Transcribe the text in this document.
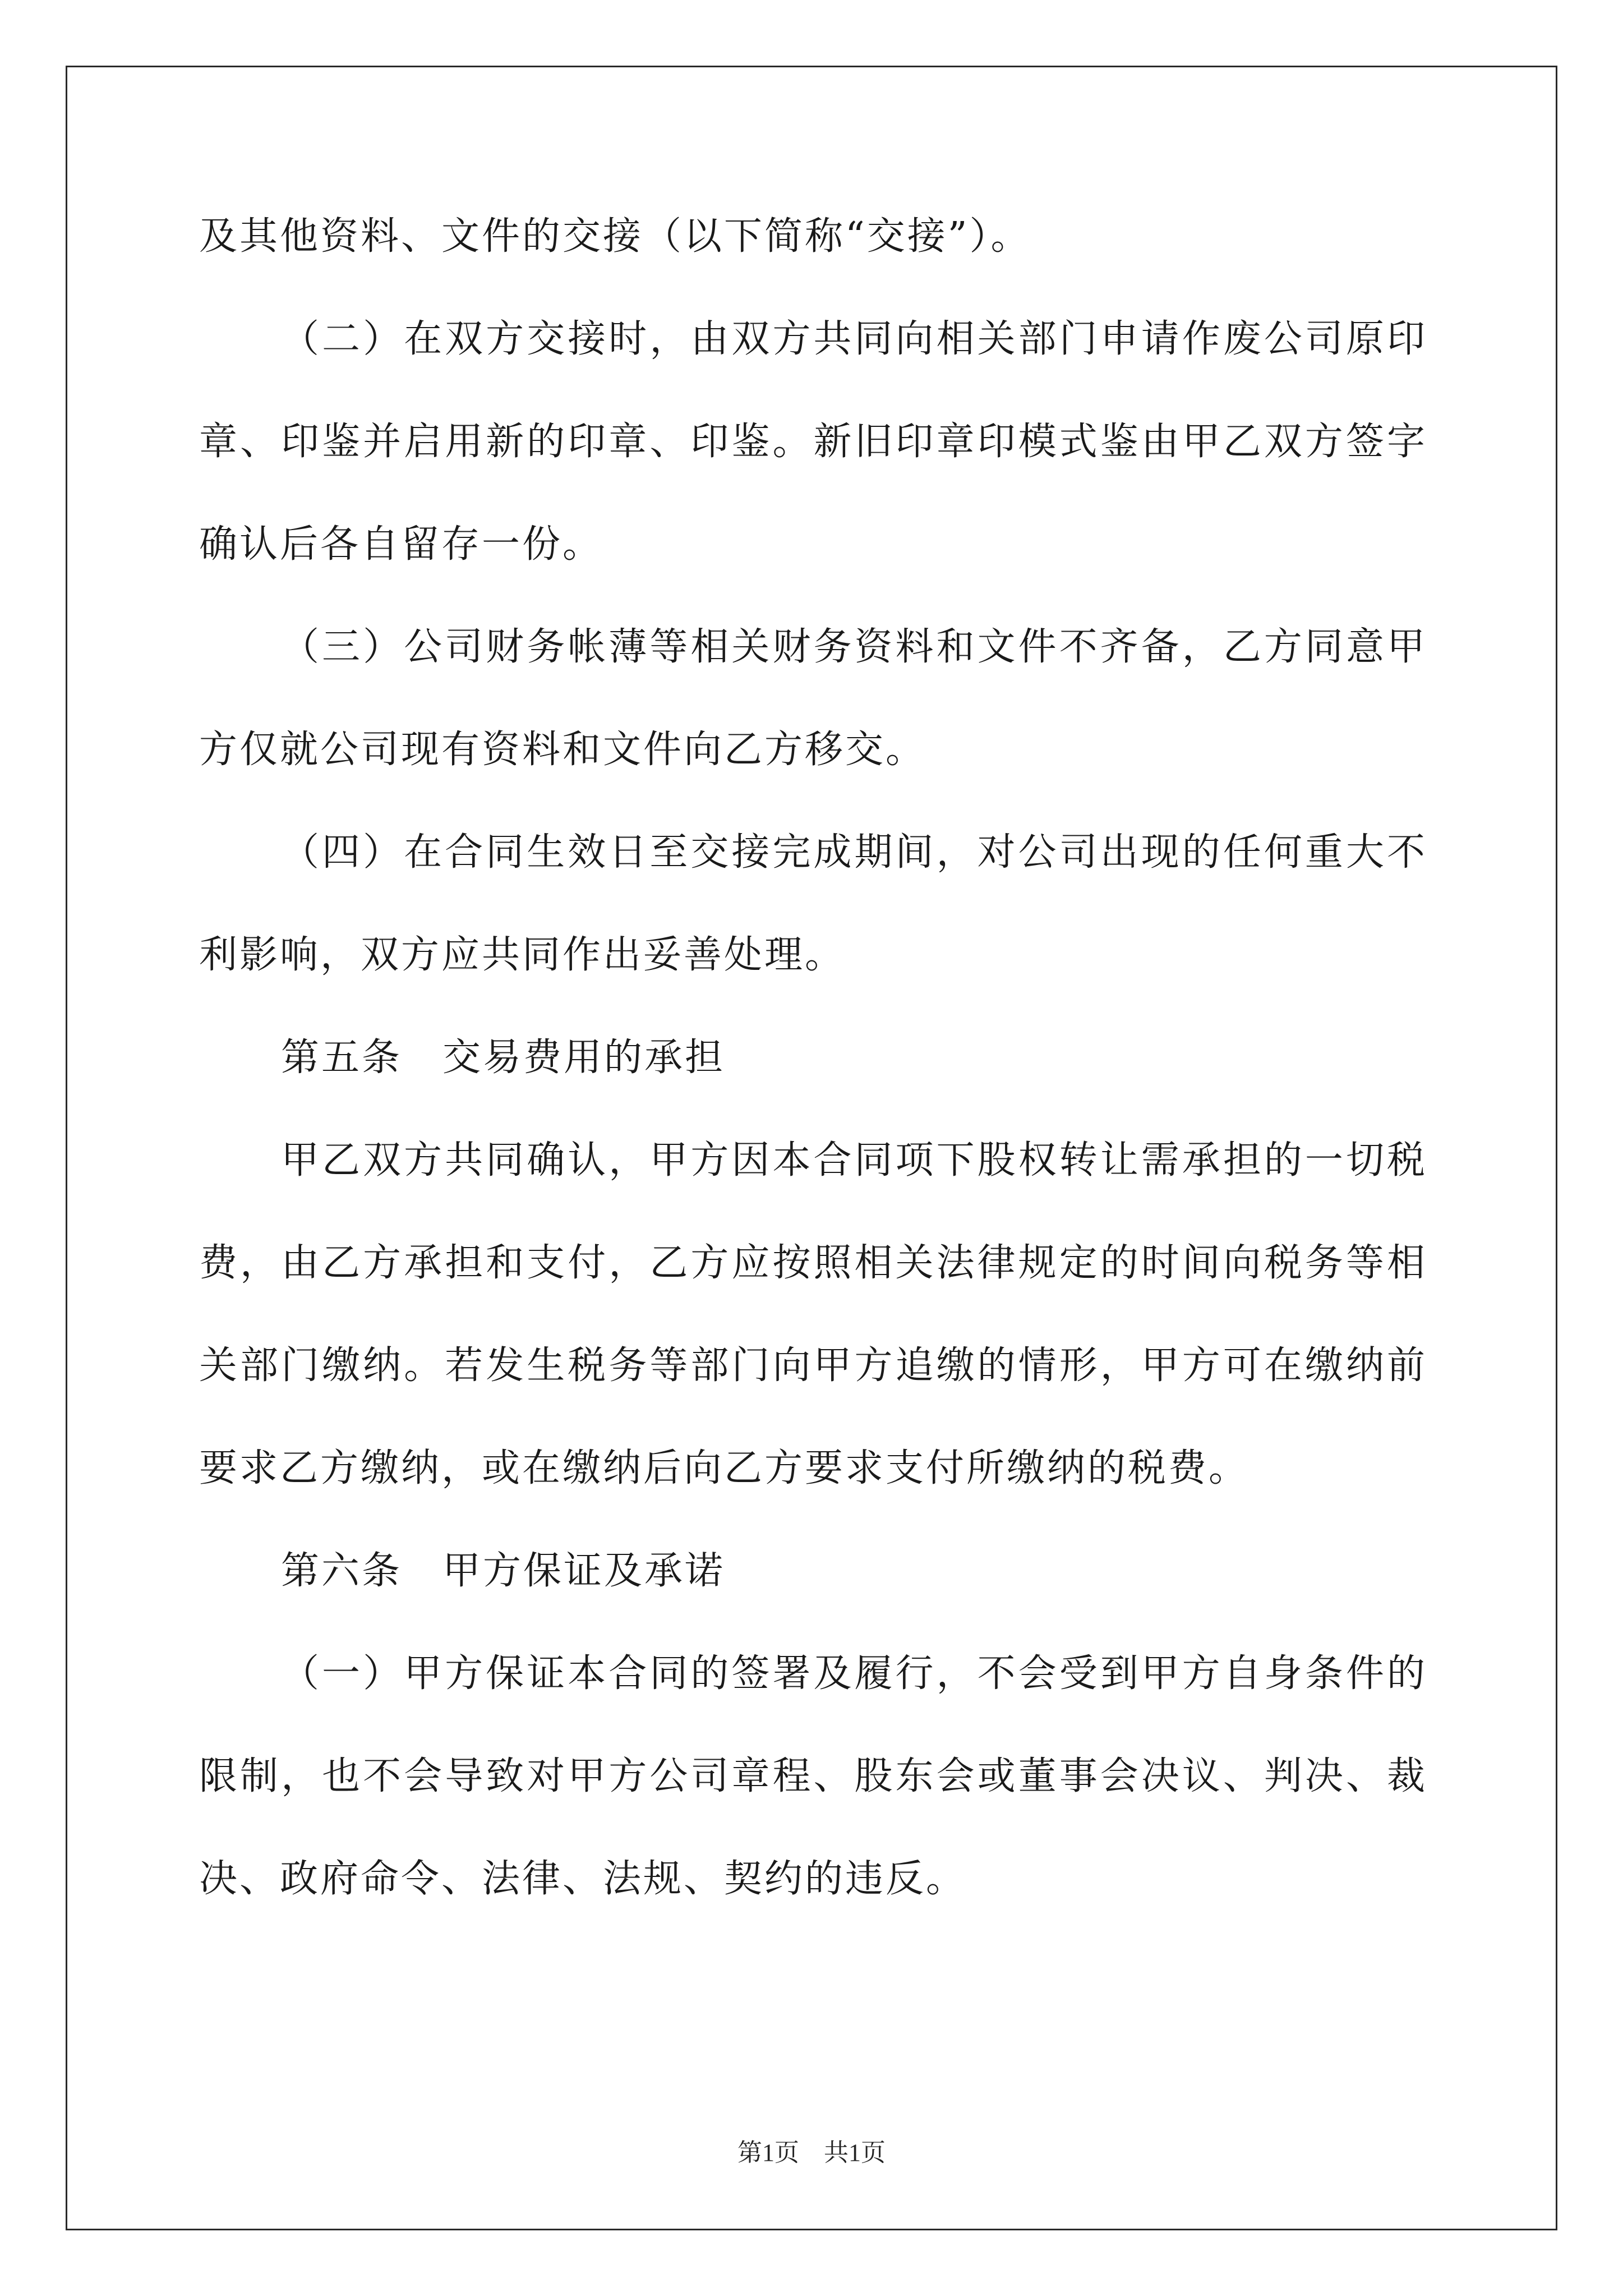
及其他资料、文件的交接（以下简称“交接”）。

（二）在双方交接时，由双方共同向相关部门申请作废公司原印章、印鉴并启用新的印章、印鉴。新旧印章印模式鉴由甲乙双方签字确认后各自留存一份。

（三）公司财务帐薄等相关财务资料和文件不齐备，乙方同意甲方仅就公司现有资料和文件向乙方移交。

（四）在合同生效日至交接完成期间，对公司出现的任何重大不利影响，双方应共同作出妥善处理。

第五条　交易费用的承担

甲乙双方共同确认，甲方因本合同项下股权转让需承担的一切税费，由乙方承担和支付，乙方应按照相关法律规定的时间向税务等相关部门缴纳。若发生税务等部门向甲方追缴的情形，甲方可在缴纳前要求乙方缴纳，或在缴纳后向乙方要求支付所缴纳的税费。

第六条　甲方保证及承诺

（一）甲方保证本合同的签署及履行，不会受到甲方自身条件的限制，也不会导致对甲方公司章程、股东会或董事会决议、判决、裁决、政府命令、法律、法规、契约的违反。

第1页　共1页
